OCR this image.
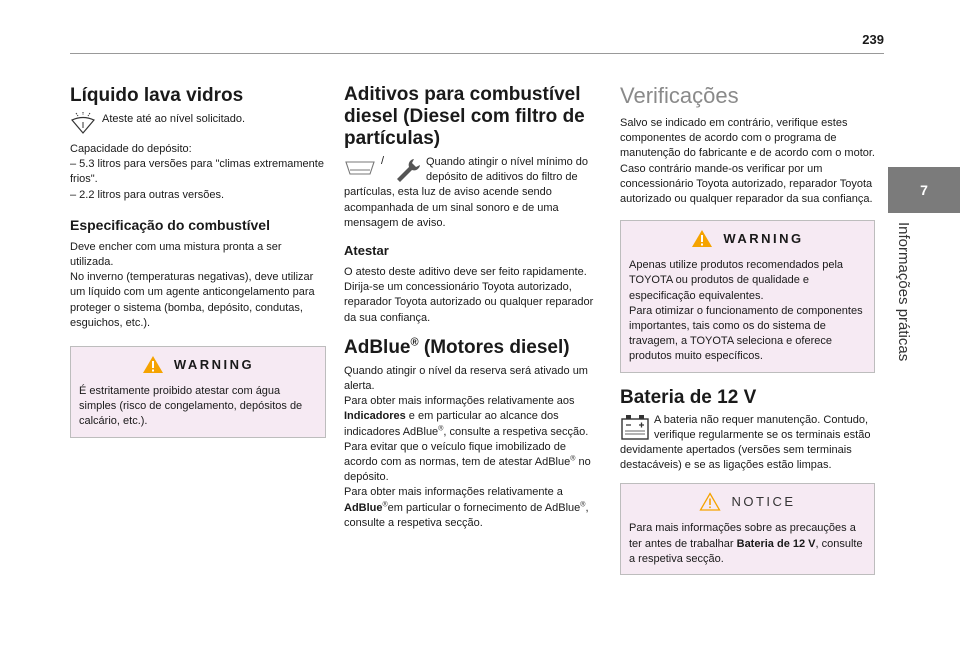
239
7
Informações práticas
Líquido lava vidros

Ateste até ao nível solicitado.

Capacidade do depósito:
– 5.3 litros para versões para "climas extremamente frios".
– 2.2 litros para outras versões.

Especificação do combustível

Deve encher com uma mistura pronta a ser utilizada.
No inverno (temperaturas negativas), deve utilizar um líquido com um agente anticongelamento para proteger o sistema (bomba, depósito, condutas, esguichos, etc.).

WARNING

É estritamente proibido atestar com água simples (risco de congelamento, depósitos de calcário, etc.).

Aditivos para combustível diesel (Diesel com filtro de partículas)
/	Quando atingir o nível mínimo do depósito de aditivos do filtro de partículas, esta luz de aviso acende sendo acompanhada de um sinal sonoro e de uma mensagem de aviso.

Atestar

O atesto deste aditivo deve ser feito rapidamente.
Dirija-se um concessionário Toyota autorizado, reparador Toyota autorizado ou qualquer reparador da sua confiança.

AdBlue® (Motores diesel)

Quando atingir o nível da reserva será ativado um alerta.

Para obter mais informações relativamente aos Indicadores e em particular ao alcance dos indicadores AdBlue®, consulte a respetiva secção.

Para evitar que o veículo fique imobilizado de acordo com as normas, tem de atestar AdBlue® no depósito.

Para obter mais informações relativamente a AdBlue®em particular o fornecimento de AdBlue®, consulte a respetiva secção.

Verificações

Salvo se indicado em contrário, verifique estes componentes de acordo com o programa de manutenção do fabricante e de acordo com o motor.
Caso contrário mande-os verificar por um concessionário Toyota autorizado, reparador Toyota autorizado ou qualquer reparador da sua confiança.

WARNING

Apenas utilize produtos recomendados pela TOYOTA ou produtos de qualidade e especificação equivalentes.
Para otimizar o funcionamento de componentes importantes, tais como os do sistema de travagem, a TOYOTA seleciona e oferece produtos muito específicos.

Bateria de 12 V

A bateria não requer manutenção. Contudo, verifique regularmente se os terminais estão devidamente apertados (versões sem terminais destacáveis) e se as ligações estão limpas.

NOTICE

Para mais informações sobre as precauções a ter antes de trabalhar Bateria de 12 V, consulte a respetiva secção.
